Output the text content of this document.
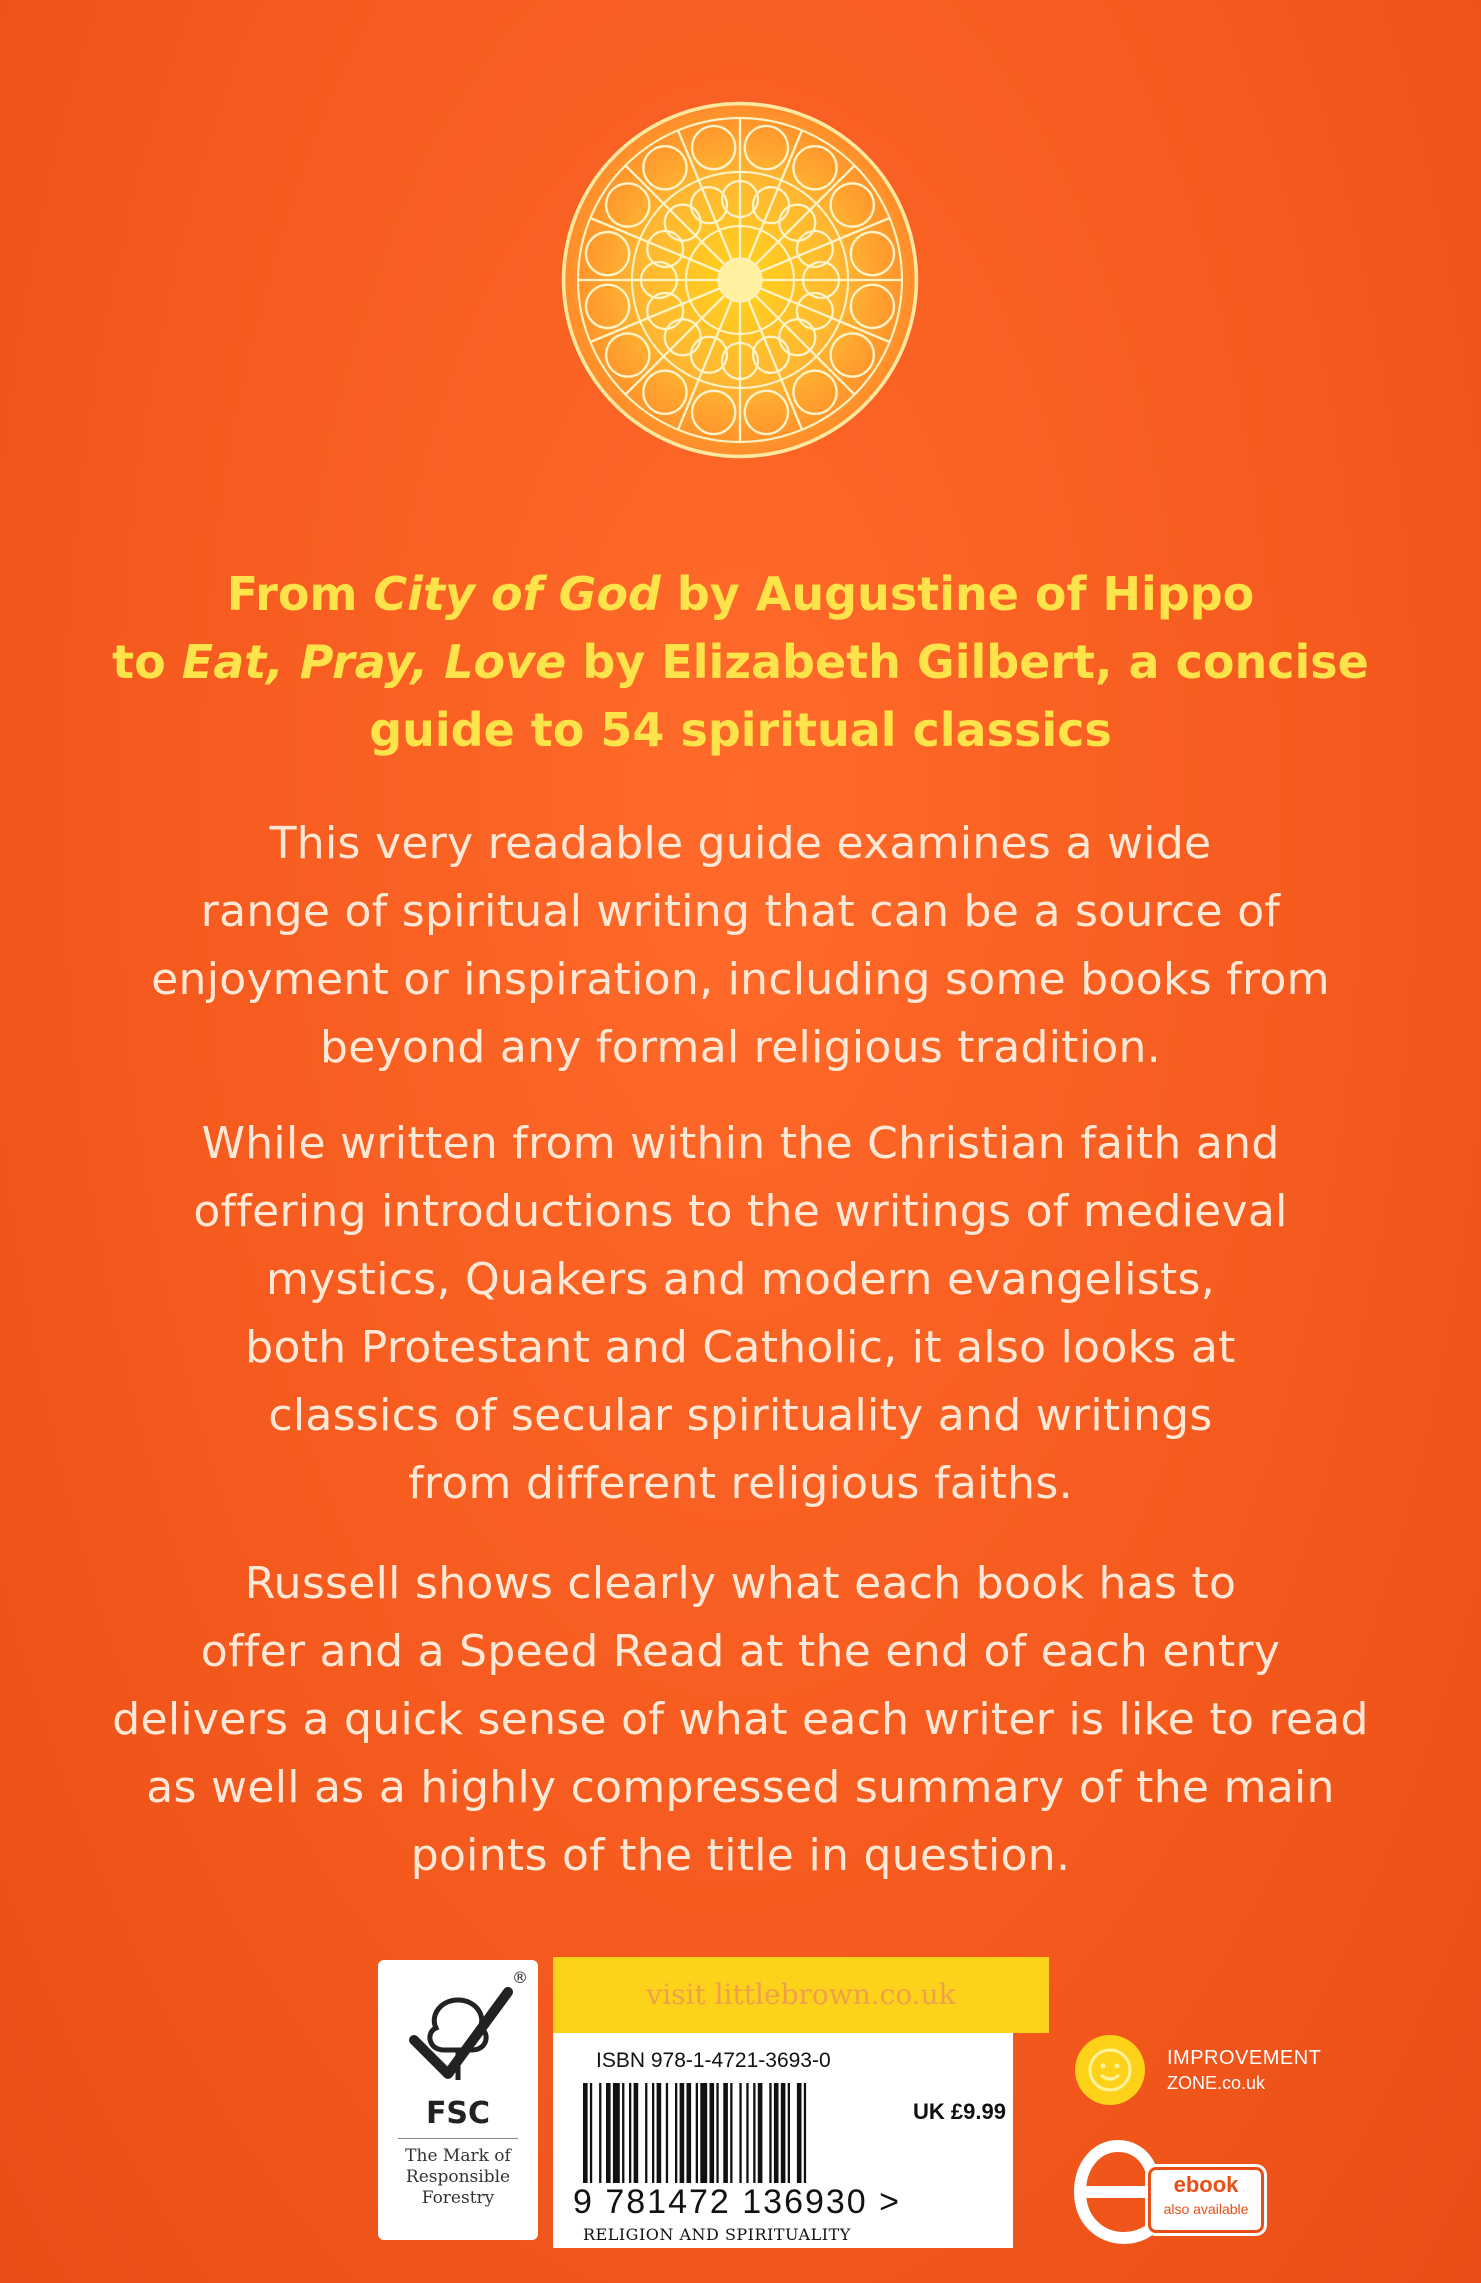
From City of God by Augustine of Hippo
to Eat, Pray, Love by Elizabeth Gilbert, a concise
guide to 54 spiritual classics
This very readable guide examines a wide
range of spiritual writing that can be a source of
enjoyment or inspiration, including some books from
beyond any formal religious tradition.
While written from within the Christian faith and
offering introductions to the writings of medieval
mystics, Quakers and modern evangelists,
both Protestant and Catholic, it also looks at
classics of secular spirituality and writings
from different religious faiths.
Russell shows clearly what each book has to
offer and a Speed Read at the end of each entry
delivers a quick sense of what each writer is like to read
as well as a highly compressed summary of the main
points of the title in question.
®
FSC
The Mark of
Responsible
Forestry
visit littlebrown.co.uk
ISBN 978-1-4721-3693-0
UK £9.99
9 781472 136930 >
RELIGION AND SPIRITUALITY
IMPROVEMENT
ZONE.co.uk
ebook
also available
